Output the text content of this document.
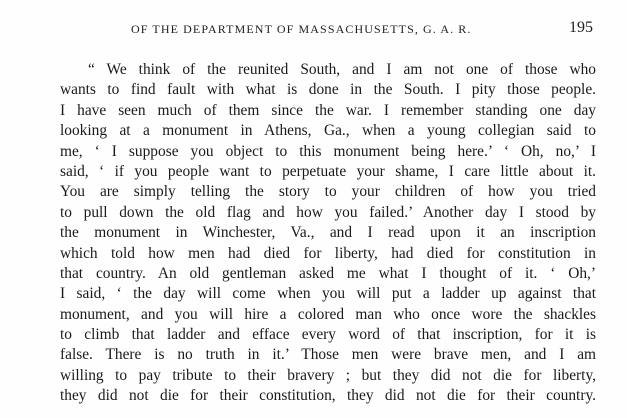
OF THE DEPARTMENT OF MASSACHUSETTS, G. A. R.	195
“ We think of the reunited South, and I am not one of those who
wants to find fault with what is done in the South. I pity those people.
I have seen much of them since the war. I remember standing one day
looking at a monument in Athens, Ga., when a young collegian said to
me, ‘ I suppose you object to this monument being here.’ ‘ Oh, no,’ I
said, ‘ if you people want to perpetuate your shame, I care little about it.
You are simply telling the story to your children of how you tried
to pull down the old flag and how you failed.’ Another day I stood by
the monument in Winchester, Va., and I read upon it an inscription
which told how men had died for liberty, had died for constitution in
that country. An old gentleman asked me what I thought of it. ‘ Oh,’
I said, ‘ the day will come when you will put a ladder up against that
monument, and you will hire a colored man who once wore the shackles
to climb that ladder and efface every word of that inscription, for it is
false. There is no truth in it.’ Those men were brave men, and I am
willing to pay tribute to their bravery ; but they did not die for liberty,
they did not die for their constitution, they did not die for their country.
